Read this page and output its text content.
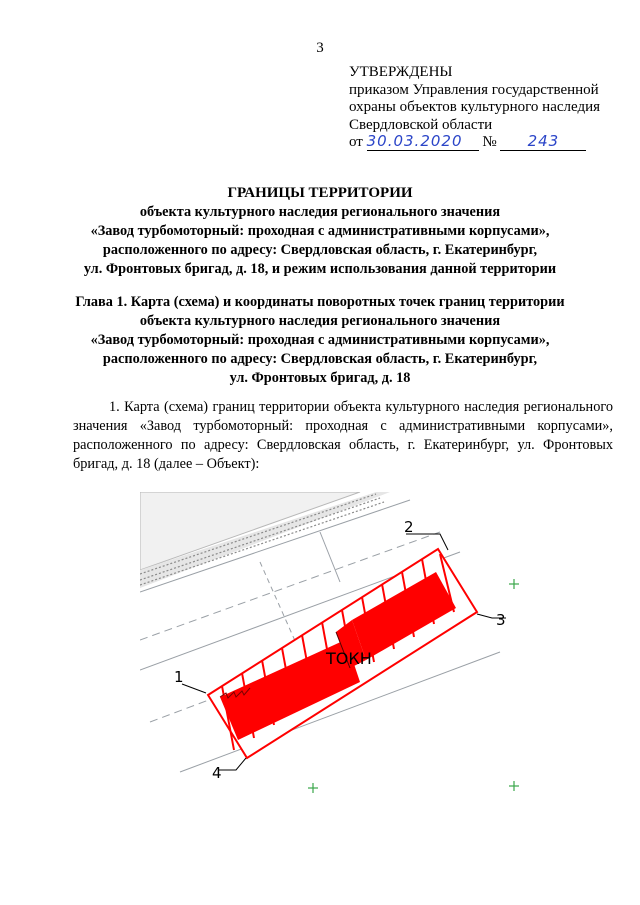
3
УТВЕРЖДЕНЫ
приказом Управления государственной
охраны объектов культурного наследия
Свердловской области
от 30.03.2020 № 243
ГРАНИЦЫ ТЕРРИТОРИИ
объекта культурного наследия регионального значения
«Завод турбомоторный: проходная с административными корпусами»,
расположенного по адресу: Свердловская область, г. Екатеринбург,
ул. Фронтовых бригад, д. 18, и режим использования данной территории
Глава 1. Карта (схема) и координаты поворотных точек границ территории
объекта культурного наследия регионального значения
«Завод турбомоторный: проходная с административными корпусами»,
расположенного по адресу: Свердловская область, г. Екатеринбург,
ул. Фронтовых бригад, д. 18
1. Карта (схема) границ территории объекта культурного наследия регионального значения «Завод турбомоторный: проходная с административными корпусами», расположенного по адресу: Свердловская область, г. Екатеринбург, ул. Фронтовых бригад, д. 18 (далее – Объект):
ТОКН
1
2
3
4
